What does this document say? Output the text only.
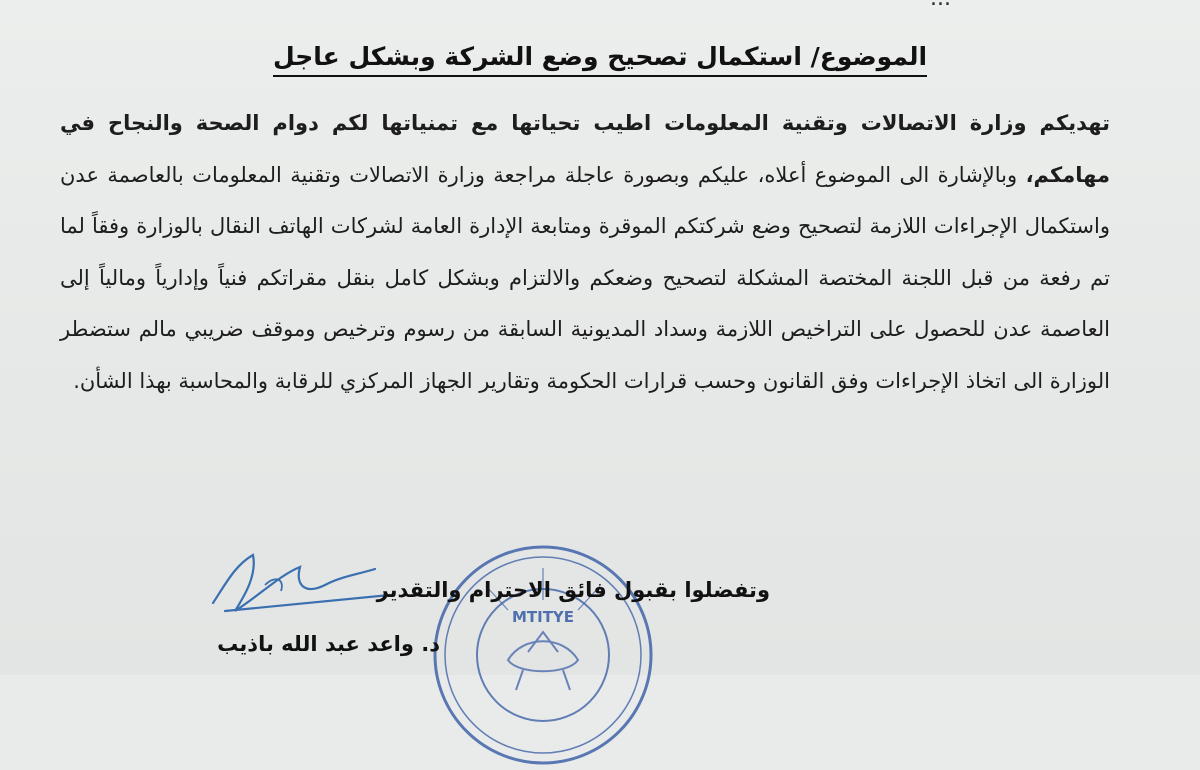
الموضوع/ استكمال تصحيح وضع الشركة وبشكل عاجل
تهديكم وزارة الاتصالات وتقنية المعلومات اطيب تحياتها مع تمنياتها لكم دوام الصحة والنجاح في مهامكم، وبالإشارة الى الموضوع أعلاه، عليكم وبصورة عاجلة مراجعة وزارة الاتصالات وتقنية المعلومات بالعاصمة عدن واستكمال الإجراءات اللازمة لتصحيح وضع شركتكم الموقرة ومتابعة الإدارة العامة لشركات الهاتف النقال بالوزارة وفقاً لما تم رفعة من قبل اللجنة المختصة المشكلة لتصحيح وضعكم والالتزام وبشكل كامل بنقل مقراتكم فنياً وإدارياً ومالياً إلى العاصمة عدن للحصول على التراخيص اللازمة وسداد المديونية السابقة من رسوم وترخيص وموقف ضريبي مالم ستضطر الوزارة الى اتخاذ الإجراءات وفق القانون وحسب قرارات الحكومة وتقارير الجهاز المركزي للرقابة والمحاسبة بهذا الشأن.
MTITYE
وتفضلوا بقبول فائق الاحترام والتقدير
د. واعد عبد الله باذيب
